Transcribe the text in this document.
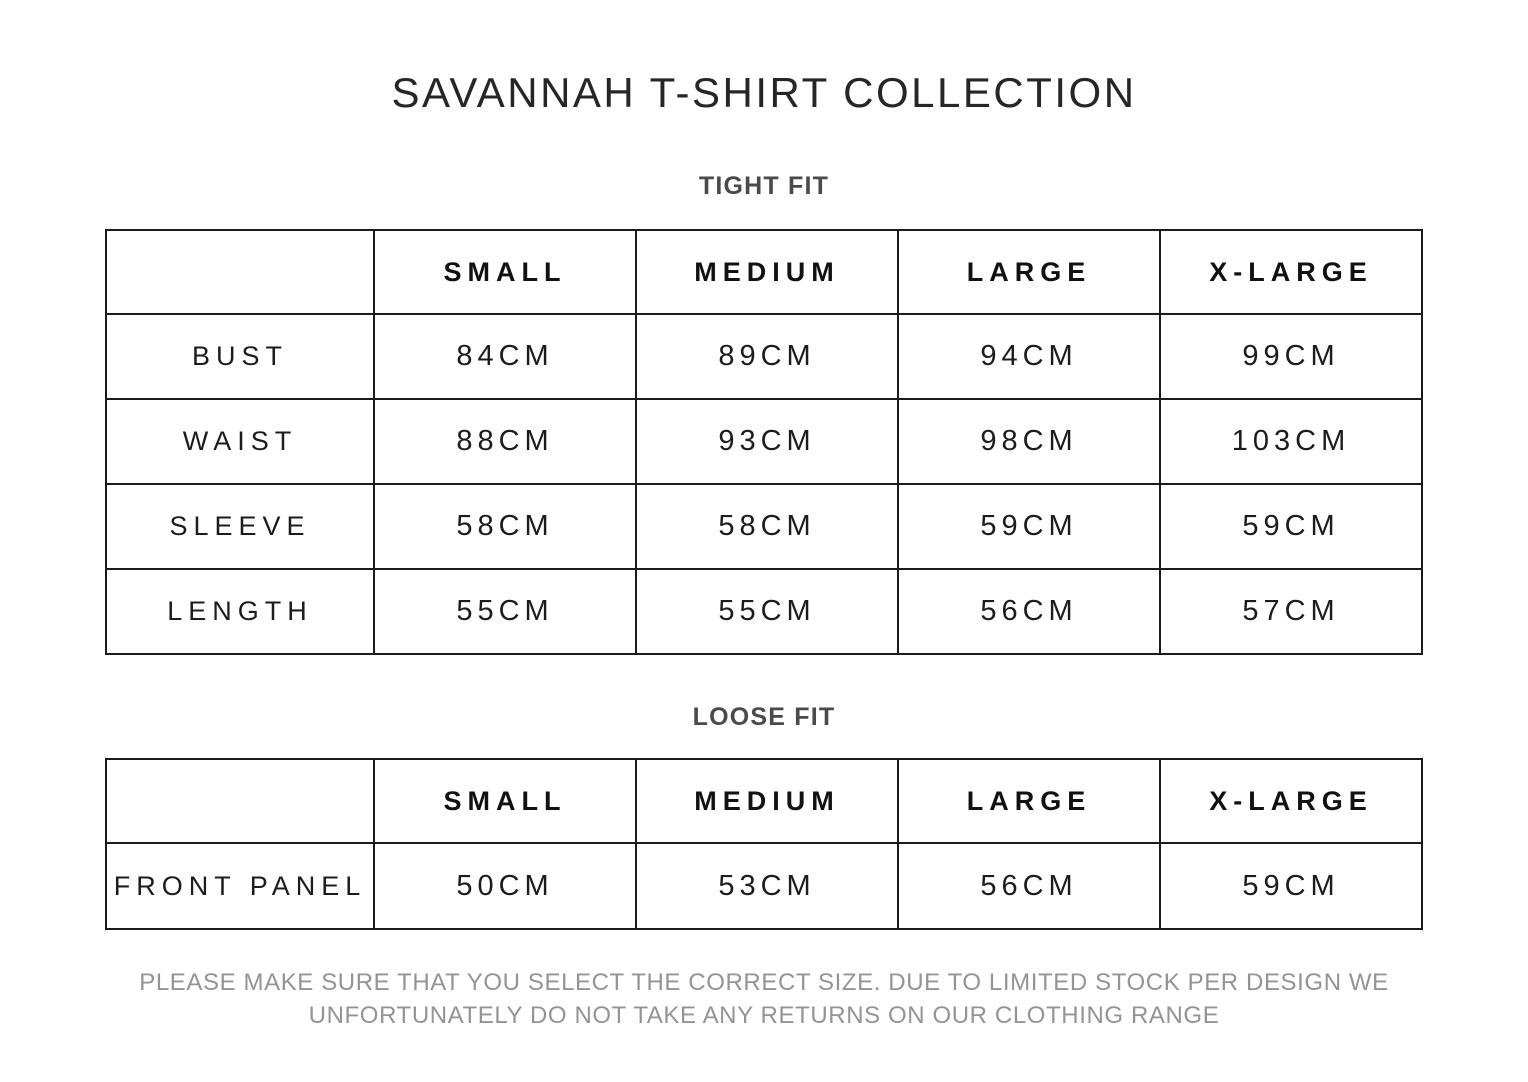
SAVANNAH T-SHIRT COLLECTION
TIGHT FIT
	SMALL	MEDIUM	LARGE	X-LARGE
BUST	84CM	89CM	94CM	99CM
WAIST	88CM	93CM	98CM	103CM
SLEEVE	58CM	58CM	59CM	59CM
LENGTH	55CM	55CM	56CM	57CM
LOOSE FIT
	SMALL	MEDIUM	LARGE	X-LARGE
FRONT PANEL	50CM	53CM	56CM	59CM
PLEASE MAKE SURE THAT YOU SELECT THE CORRECT SIZE. DUE TO LIMITED STOCK PER DESIGN WE UNFORTUNATELY DO NOT TAKE ANY RETURNS ON OUR CLOTHING RANGE
